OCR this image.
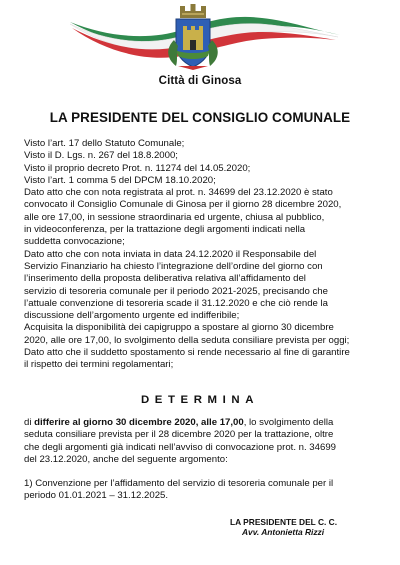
Città di Ginosa
LA PRESIDENTE DEL CONSIGLIO COMUNALE

Visto l’art. 17 dello Statuto Comunale;

Visto il D. Lgs. n. 267 del 18.8.2000;

Visto il proprio decreto Prot. n. 11274 del 14.05.2020;

Visto l’art. 1 comma 5 del DPCM 18.10.2020;

Dato atto che con nota registrata al prot. n. 34699 del 23.12.2020 è stato

convocato il Consiglio Comunale di Ginosa per il giorno 28 dicembre 2020,

alle ore 17,00, in sessione straordinaria ed urgente, chiusa al pubblico,

in videoconferenza, per la trattazione degli argomenti indicati nella

suddetta convocazione;

Dato atto che con nota inviata in data 24.12.2020 il Responsabile del

Servizio Finanziario ha chiesto l’integrazione dell’ordine del giorno con

l’inserimento della proposta deliberativa relativa all’affidamento del

servizio di tesoreria comunale per il periodo 2021-2025, precisando che

l’attuale convenzione di tesoreria scade il 31.12.2020 e che ciò rende la

discussione dell’argomento urgente ed indifferibile;

Acquisita la disponibilità dei capigruppo a spostare al giorno 30 dicembre

2020, alle ore 17,00, lo svolgimento della seduta consiliare prevista per oggi;

Dato atto che il suddetto spostamento si rende necessario al fine di garantire

il rispetto dei termini regolamentari;

DETERMINA

di differire al giorno 30 dicembre 2020, alle 17,00, lo svolgimento della

seduta consiliare prevista per il 28 dicembre 2020 per la trattazione, oltre

che degli argomenti già indicati nell’avviso di convocazione prot. n. 34699

del 23.12.2020, anche del seguente argomento:

1) Convenzione per l’affidamento del servizio di tesoreria comunale per il

periodo 01.01.2021 – 31.12.2025.

LA PRESIDENTE DEL C. C.
Avv. Antonietta Rizzi
